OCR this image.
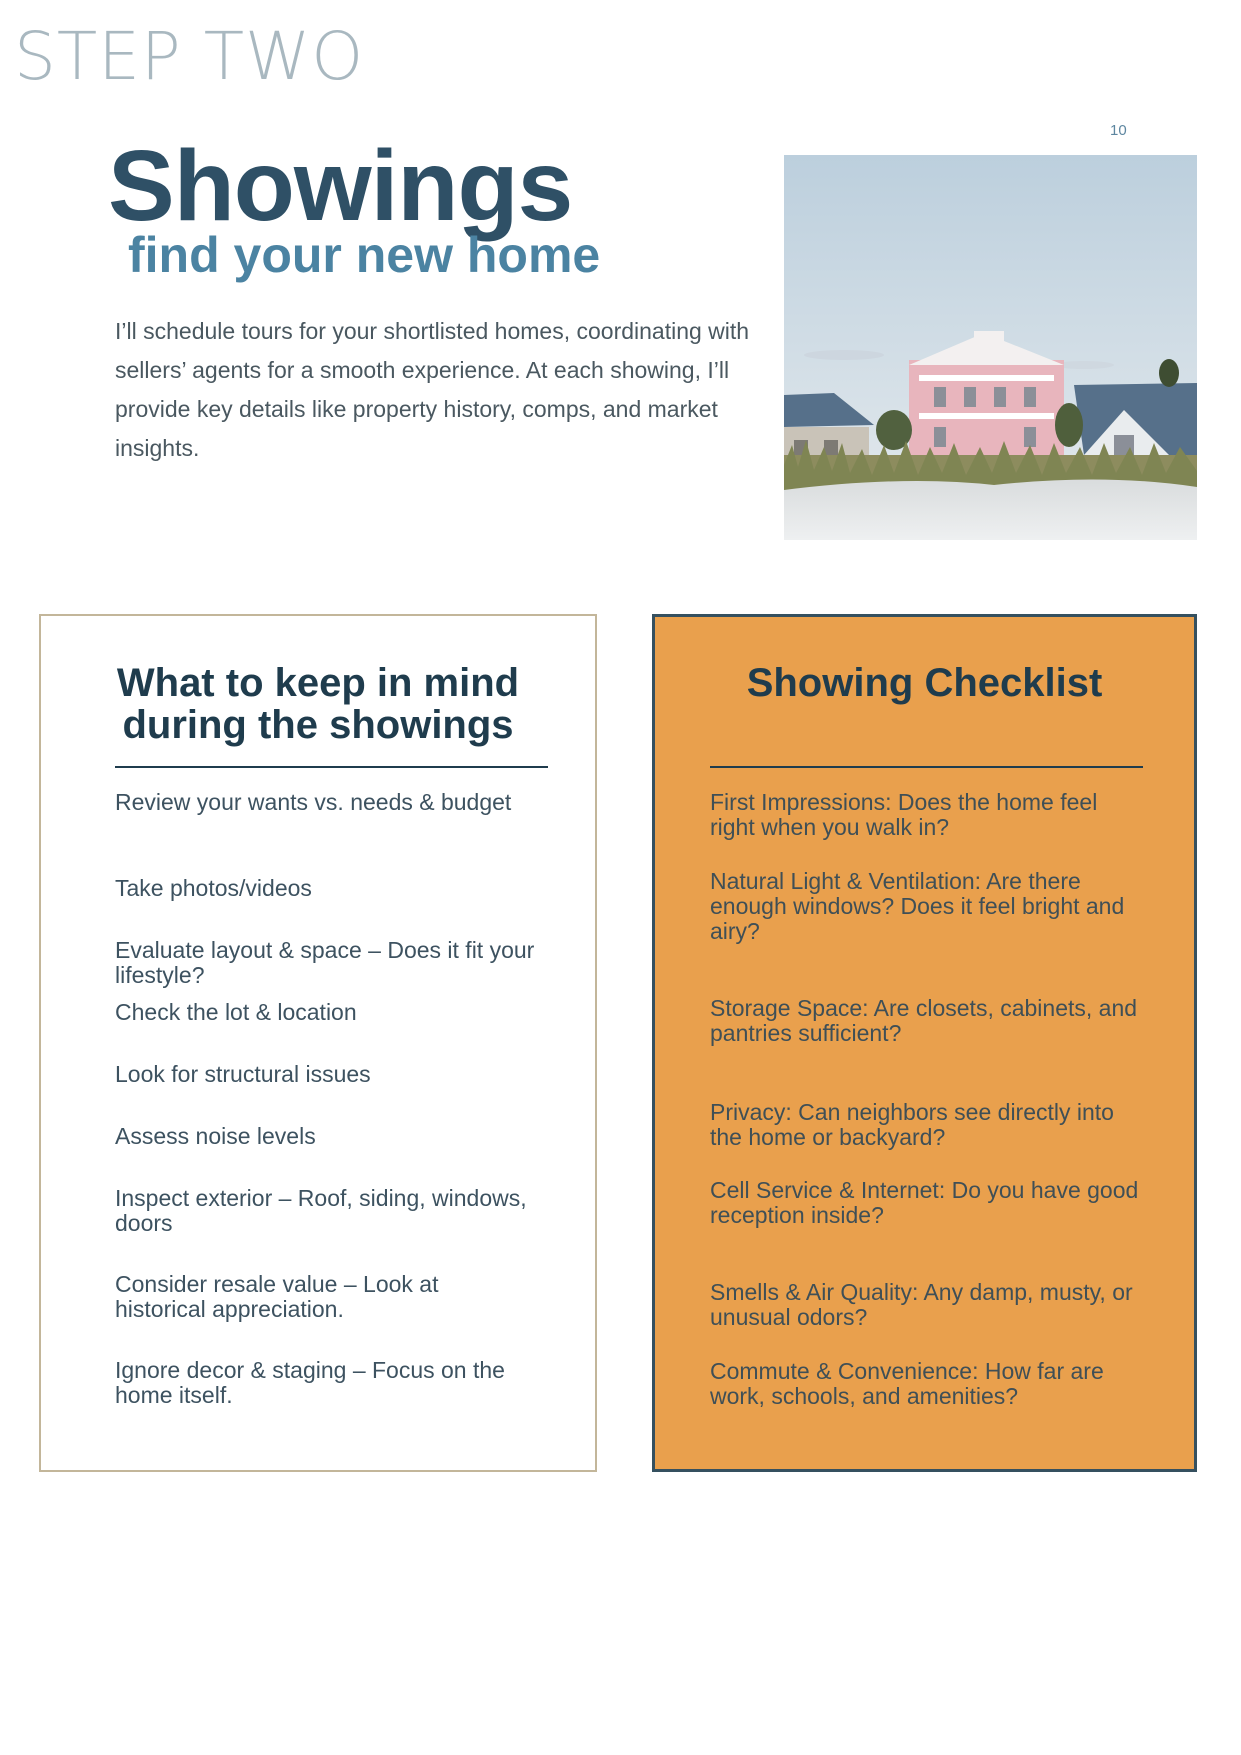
STEP TWO
10
Showings
find your new home
I’ll schedule tours for your shortlisted homes, coordinating with sellers’ agents for a smooth experience. At each showing, I’ll provide key details like property history, comps, and market insights.
What to keep in mind
during the showings
Review your wants vs. needs & budget
Take photos/videos
Evaluate layout & space – Does it fit your lifestyle?
Check the lot & location
Look for structural issues
Assess noise levels
Inspect exterior – Roof, siding, windows, doors
Consider resale value – Look at historical appreciation.
Ignore decor & staging – Focus on the home itself.
Showing Checklist
First Impressions: Does the home feel right when you walk in?
Natural Light & Ventilation: Are there enough windows? Does it feel bright and airy?
Storage Space: Are closets, cabinets, and pantries sufficient?
Privacy: Can neighbors see directly into the home or backyard?
Cell Service & Internet: Do you have good reception inside?
Smells & Air Quality: Any damp, musty, or unusual odors?
Commute & Convenience: How far are work, schools, and amenities?
